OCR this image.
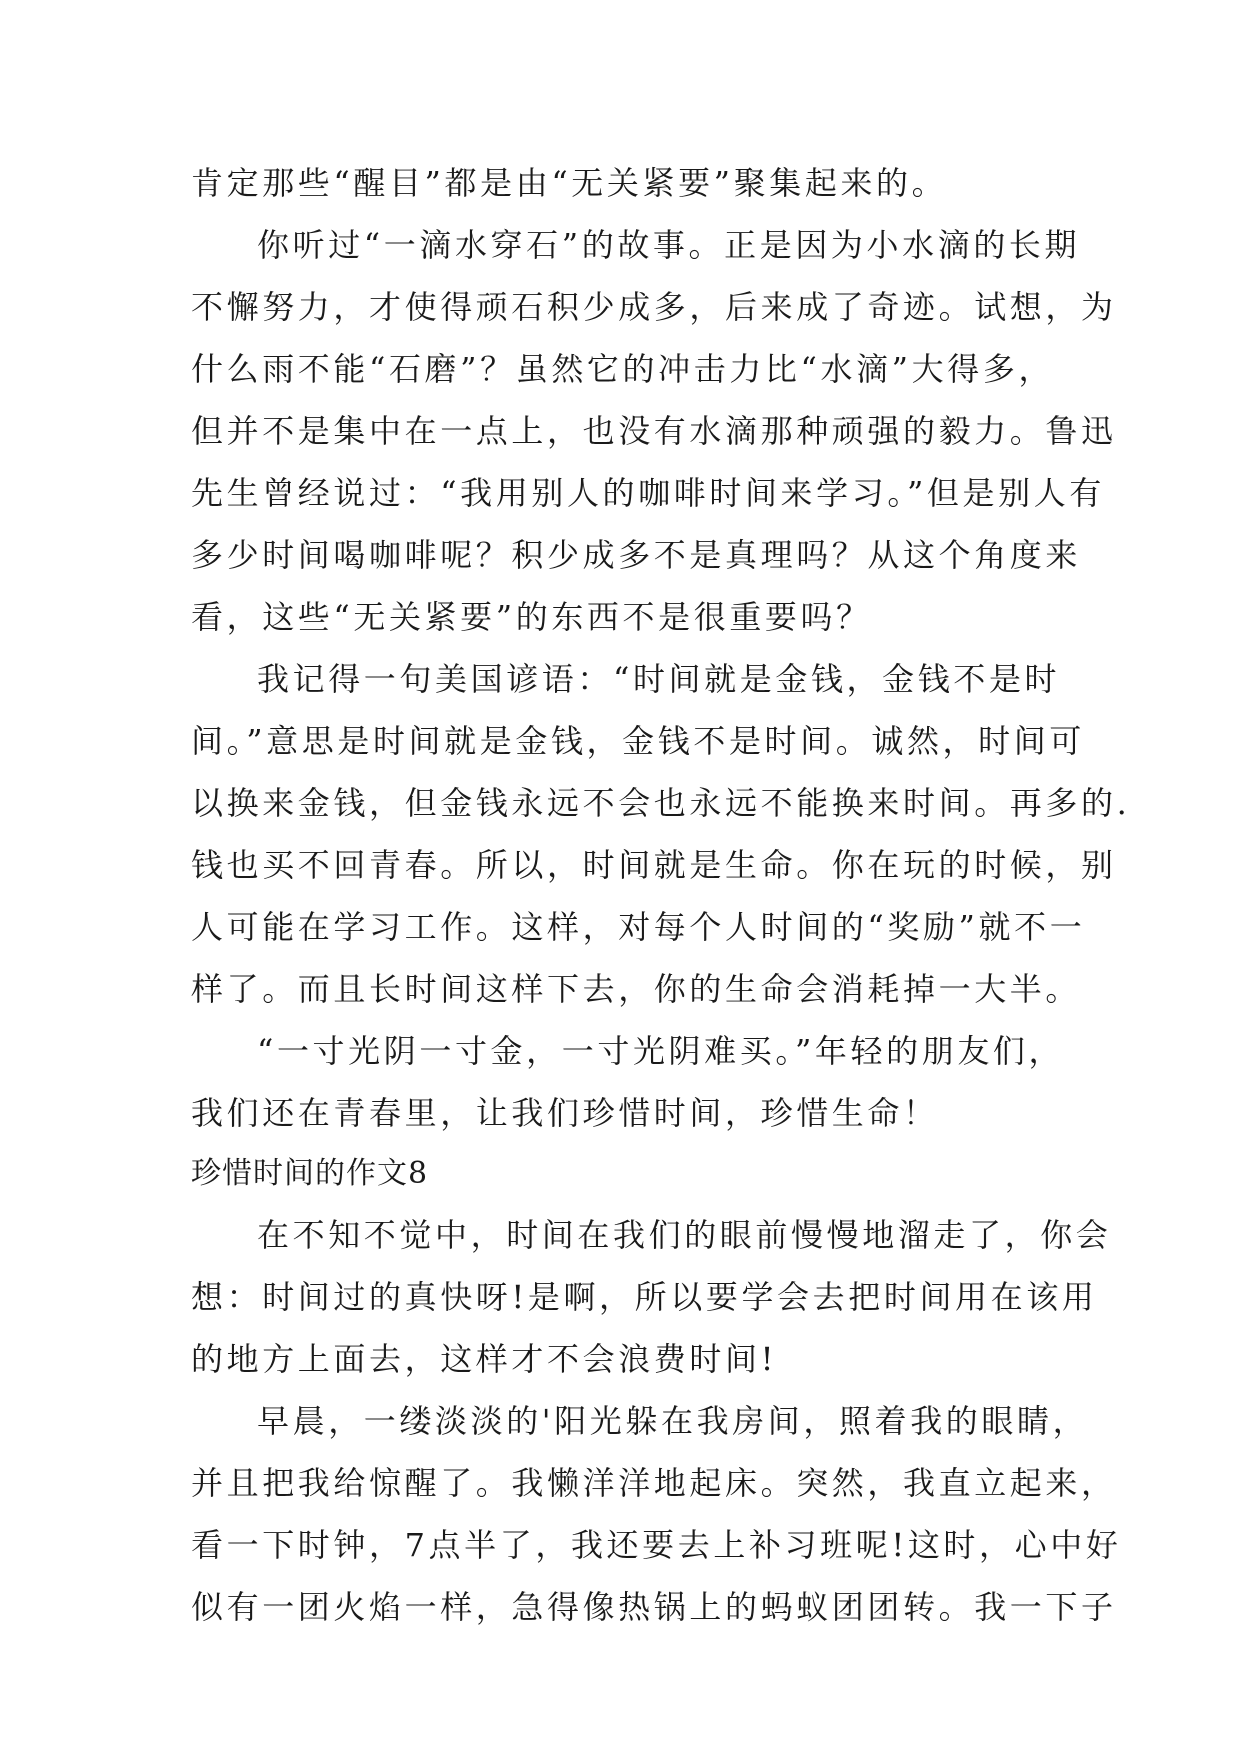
肯定那些“醒目”都是由“无关紧要”聚集起来的。
你听过“一滴水穿石”的故事。正是因为小水滴的长期
不懈努力，才使得顽石积少成多，后来成了奇迹。试想，为
什么雨不能“石磨”？虽然它的冲击力比“水滴”大得多，
但并不是集中在一点上，也没有水滴那种顽强的毅力。鲁迅
先生曾经说过：“我用别人的咖啡时间来学习。”但是别人有
多少时间喝咖啡呢？积少成多不是真理吗？从这个角度来
看，这些“无关紧要”的东西不是很重要吗？
我记得一句美国谚语：“时间就是金钱，金钱不是时
间。”意思是时间就是金钱，金钱不是时间。诚然，时间可
以换来金钱，但金钱永远不会也永远不能换来时间。再多的.
钱也买不回青春。所以，时间就是生命。你在玩的时候，别
人可能在学习工作。这样，对每个人时间的“奖励”就不一
样了。而且长时间这样下去，你的生命会消耗掉一大半。
“一寸光阴一寸金，一寸光阴难买。”年轻的朋友们，
我们还在青春里，让我们珍惜时间，珍惜生命！
珍惜时间的作文8
在不知不觉中，时间在我们的眼前慢慢地溜走了，你会
想：时间过的真快呀!是啊，所以要学会去把时间用在该用
的地方上面去，这样才不会浪费时间!
早晨，一缕淡淡的'阳光躲在我房间，照着我的眼睛，
并且把我给惊醒了。我懒洋洋地起床。突然，我直立起来，
看一下时钟，7点半了，我还要去上补习班呢!这时，心中好
似有一团火焰一样，急得像热锅上的蚂蚁团团转。我一下子
